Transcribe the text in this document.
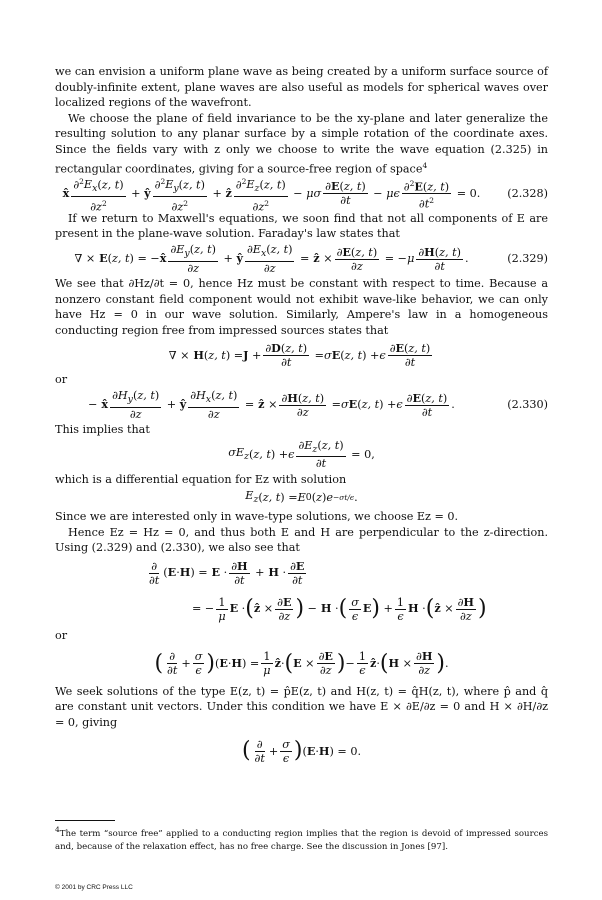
we can envision a uniform plane wave as being created by a uniform surface source of doubly-infinite extent, plane waves are also useful as models for spherical waves over localized regions of the wavefront.

We choose the plane of field invariance to be the xy-plane and later generalize the resulting solution to any planar surface by a simple rotation of the coordinate axes. Since the fields vary with z only we choose to write the wave equation (2.325) in rectangular coordinates, giving for a source-free region of space$^4$

x̂ $\frac{\partial^2E_x(z, t)}{\partial z^2}$ + ŷ $\frac{\partial^2E_y(z, t)}{\partial z^2}$ + ẑ $\frac{\partial^2E_z(z, t)}{\partial z^2} - \mu\sigma \frac{\partial E(z, t)}{\partial t} - \mu\epsilon \frac{\partial^2E(z, t)}{\partial t^2} = 0$.	(2.328)

If we return to Maxwell's equations, we soon find that not all components of E are present in the plane-wave solution. Faraday's law states that

∇ × E ( z, t ) = − x̂ $\frac{\partial E_y(z, t)}{\partial z}$ + ŷ $\frac{\partial E_x(z, t)}{\partial z}$ = ẑ × $\frac{\partial E(z, t)}{\partial z}$ = − μ $\frac{\partial H(z, t)}{\partial t}$ .	(2.329)

We see that ∂Hz/∂t = 0, hence Hz must be constant with respect to time. Because a nonzero constant field component would not exhibit wave-like behavior, we can only have Hz = 0 in our wave solution. Similarly, Ampere's law in a homogeneous conducting region free from impressed sources states that

∇ × H ( z, t ) = $J + \frac{\partial D(z, t)}{\partial t} = \sigma$ E ( z, t ) + ϵ $\frac{\partial E(z, t)}{\partial t}$

or

− x̂ $\frac{\partial H_y(z, t)}{\partial z}$ + ŷ $\frac{\partial H_x(z, t)}{\partial z}$ = ẑ × $\frac{\partial H(z, t)}{\partial z} = \sigma$ E ( z, t ) + ϵ $\frac{\partial E(z, t)}{\partial t}$ .	(2.330)

This implies that

$\sigma E_z$ ( z, t ) + ϵ $\frac{\partial E_z(z, t)}{\partial t} = 0$,

which is a differential equation for Ez with solution

$E_z$ ( z, t ) = E 0 ( z ) e −σt/ϵ .

Since we are interested only in wave-type solutions, we choose Ez = 0.

Hence Ez = Hz = 0, and thus both E and H are perpendicular to the z-direction. Using (2.329) and (2.330), we also see that

$\frac{\partial}{\partial t}$ ( E · H ) = $E \cdot \frac{\partial H}{\partial t} + H \cdot \frac{\partial E}{\partial t}$
= − $\frac{1}{\mu}$ E · ( ẑ × $\frac{\partial E}{\partial z}$ ) − H · ( $\frac{\sigma}{\epsilon}$ E ) + $\frac{1}{\epsilon}$ H · ( ẑ × $\frac{\partial H}{\partial z}$ )

or

( $\frac{\partial}{\partial t} + \frac{\sigma}{\epsilon}$ ) ( E · H ) = $\frac{1}{\mu}$ ẑ · ( $E \times \frac{\partial E}{\partial z}$ ) − $\frac{1}{\epsilon}$ ẑ · ( $H \times \frac{\partial H}{\partial z}$ ) .

We seek solutions of the type E(z, t) = p̂E(z, t) and H(z, t) = q̂H(z, t), where p̂ and q̂ are constant unit vectors. Under this condition we have E × ∂E/∂z = 0 and H × ∂H/∂z = 0, giving

( $\frac{\partial}{\partial t} + \frac{\sigma}{\epsilon}$ ) ( E · H ) = 0.
$^4$The term “source free” applied to a conducting region implies that the region is devoid of impressed sources and, because of the relaxation effect, has no free charge. See the discussion in Jones [97].
© 2001 by CRC Press LLC
